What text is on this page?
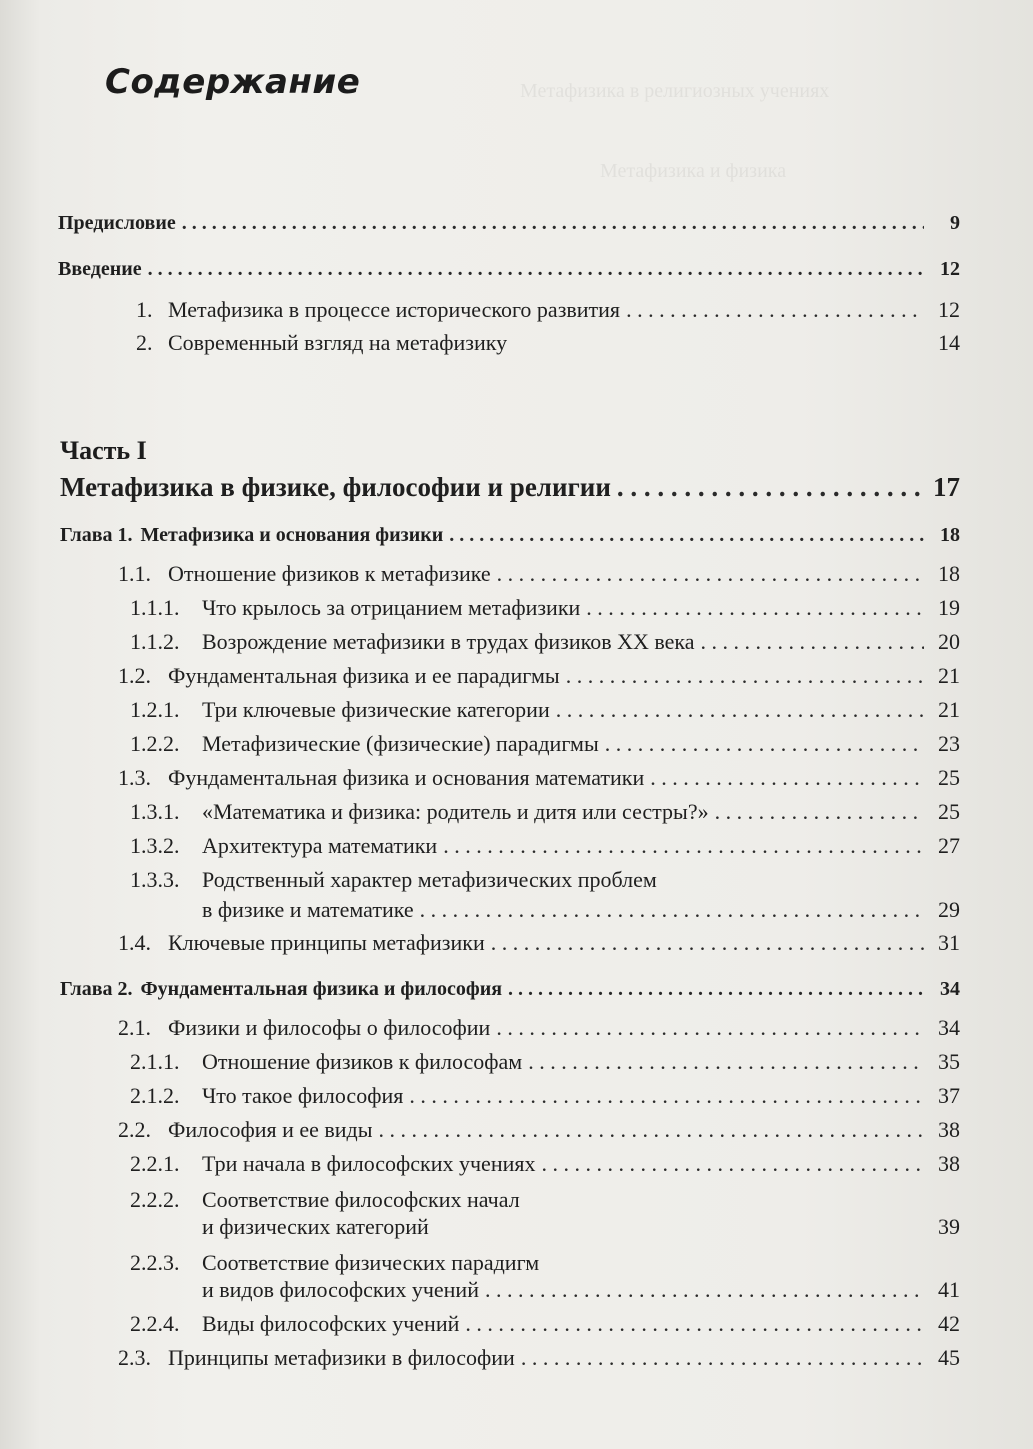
Метафизика в религиозных учениях
Метафизика и физика
Содержание
Предисловие . . .	9
Введение . . .	12
1. Метафизика в процессе исторического развития . . .	12
2. Современный взгляд на метафизику	14
Часть I
Метафизика в физике, философии и религии . . .	17
Глава 1. Метафизика и основания физики . . .	18
1.1. Отношение физиков к метафизике . . .	18
1.1.1.	Что крылось за отрицанием метафизики . . .	19
1.1.2.	Возрождение метафизики в трудах физиков XX века . . .	20
1.2. Фундаментальная физика и ее парадигмы . . .	21
1.2.1.	Три ключевые физические категории . . .	21
1.2.2.	Метафизические (физические) парадигмы . . .	23
1.3. Фундаментальная физика и основания математики . . .	25
1.3.1.	«Математика и физика: родитель и дитя или сестры?» . . .	25
1.3.2.	Архитектура математики . . .	27
1.3.3. Родственный характер метафизических проблем
в физике и математике . . .	29
1.4. Ключевые принципы метафизики . . .	31
Глава 2. Фундаментальная физика и философия . . .	34
2.1. Физики и философы о философии . . .	34
2.1.1.	Отношение физиков к философам . . .	35
2.1.2.	Что такое философия . . .	37
2.2. Философия и ее виды . . .	38
2.2.1.	Три начала в философских учениях . . .	38
2.2.2. Соответствие философских начал
и физических категорий	39
2.2.3. Соответствие физических парадигм
и видов философских учений . . .	41
2.2.4.	Виды философских учений . . .	42
2.3. Принципы метафизики в философии . . .	45
